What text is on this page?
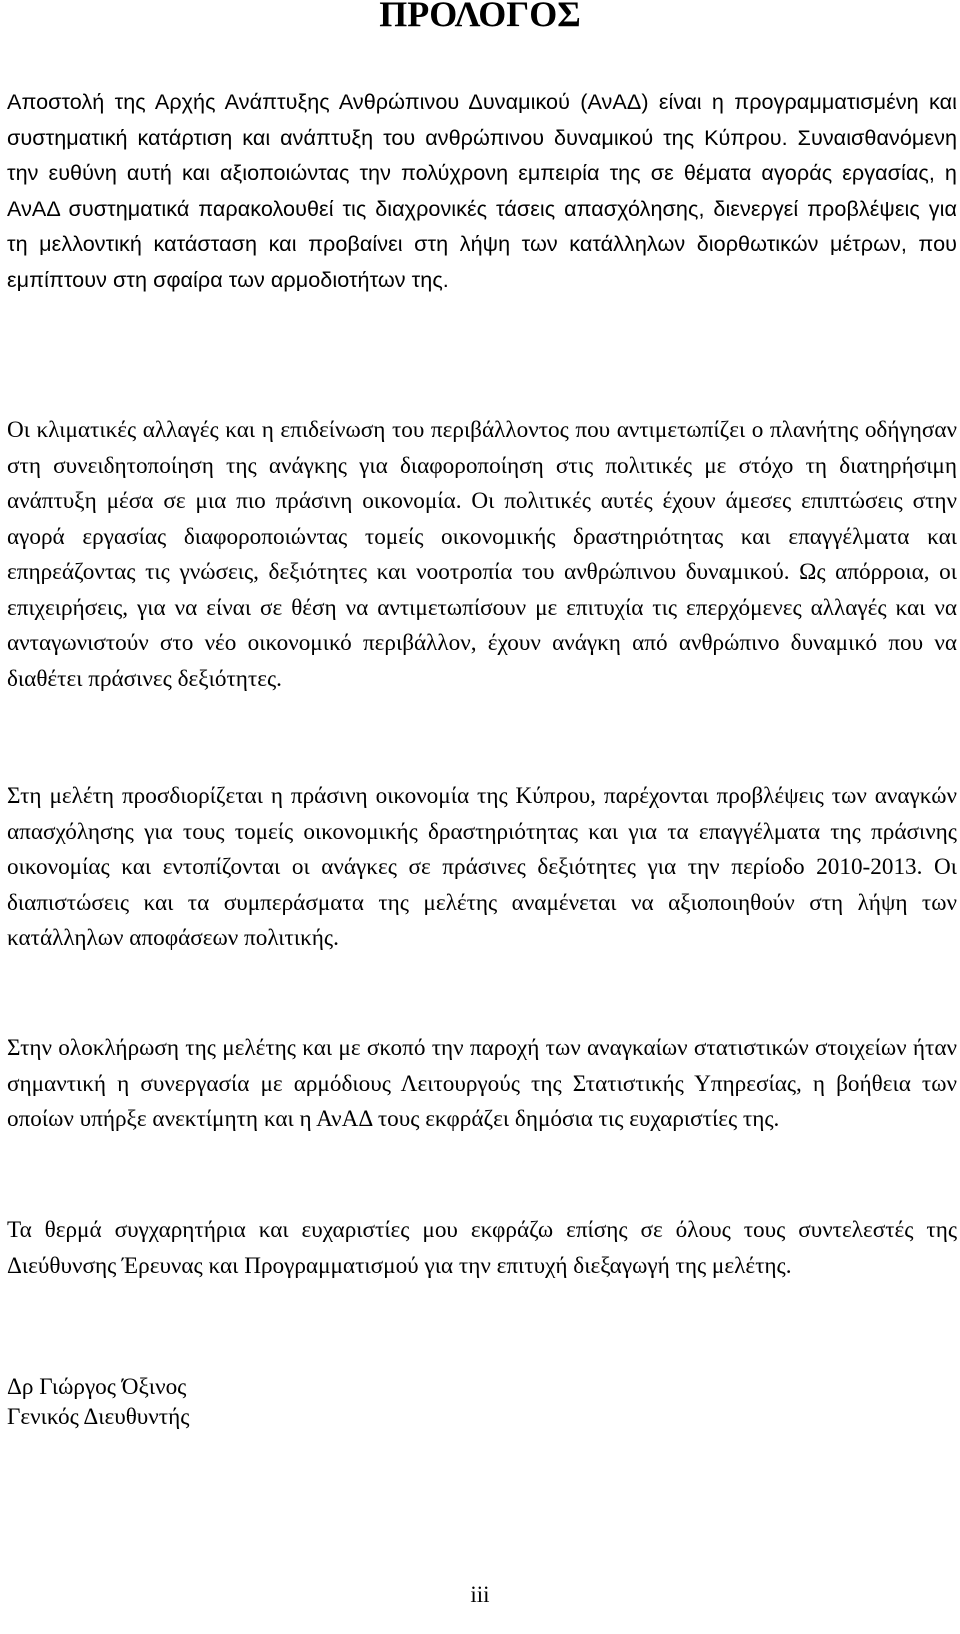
ΠΡΟΛΟΓΟΣ

Αποστολή της Αρχής Ανάπτυξης Ανθρώπινου Δυναμικού (ΑνΑΔ) είναι η προγραμματισμένη και συστηματική κατάρτιση και ανάπτυξη του ανθρώπινου δυναμικού της Κύπρου. Συναισθανόμενη την ευθύνη αυτή και αξιοποιώντας την πολύχρονη εμπειρία της σε θέματα αγοράς εργασίας, η ΑνΑΔ συστηματικά παρακολουθεί τις διαχρονικές τάσεις απασχόλησης, διενεργεί προβλέψεις για τη μελλοντική κατάσταση και προβαίνει στη λήψη των κατάλληλων διορθωτικών μέτρων, που εμπίπτουν στη σφαίρα των αρμοδιοτήτων της.

Οι κλιματικές αλλαγές και η επιδείνωση του περιβάλλοντος που αντιμετωπίζει ο πλανήτης οδήγησαν στη συνειδητοποίηση της ανάγκης για διαφοροποίηση στις πολιτικές με στόχο τη διατηρήσιμη ανάπτυξη μέσα σε μια πιο πράσινη οικονομία. Οι πολιτικές αυτές έχουν άμεσες επιπτώσεις στην αγορά εργασίας διαφοροποιώντας τομείς οικονομικής δραστηριότητας και επαγγέλματα και επηρεάζοντας τις γνώσεις, δεξιότητες και νοοτροπία του ανθρώπινου δυναμικού. Ως απόρροια, οι επιχειρήσεις, για να είναι σε θέση να αντιμετωπίσουν με επιτυχία τις επερχόμενες αλλαγές και να ανταγωνιστούν στο νέο οικονομικό περιβάλλον, έχουν ανάγκη από ανθρώπινο δυναμικό που να διαθέτει πράσινες δεξιότητες.

Στη μελέτη προσδιορίζεται η πράσινη οικονομία της Κύπρου, παρέχονται προβλέψεις των αναγκών απασχόλησης για τους τομείς οικονομικής δραστηριότητας και για τα επαγγέλματα της πράσινης οικονομίας και εντοπίζονται οι ανάγκες σε πράσινες δεξιότητες για την περίοδο 2010-2013. Οι διαπιστώσεις και τα συμπεράσματα της μελέτης αναμένεται να αξιοποιηθούν στη λήψη των κατάλληλων αποφάσεων πολιτικής.

Στην ολοκλήρωση της μελέτης και με σκοπό την παροχή των αναγκαίων στατιστικών στοιχείων ήταν σημαντική η συνεργασία με αρμόδιους Λειτουργούς της Στατιστικής Υπηρεσίας, η βοήθεια των οποίων υπήρξε ανεκτίμητη και η ΑνΑΔ τους εκφράζει δημόσια τις ευχαριστίες της.

Τα θερμά συγχαρητήρια και ευχαριστίες μου εκφράζω επίσης σε όλους τους συντελεστές της Διεύθυνσης Έρευνας και Προγραμματισμού για την επιτυχή διεξαγωγή της μελέτης.

Δρ Γιώργος Όξινος

Γενικός Διευθυντής

iii
